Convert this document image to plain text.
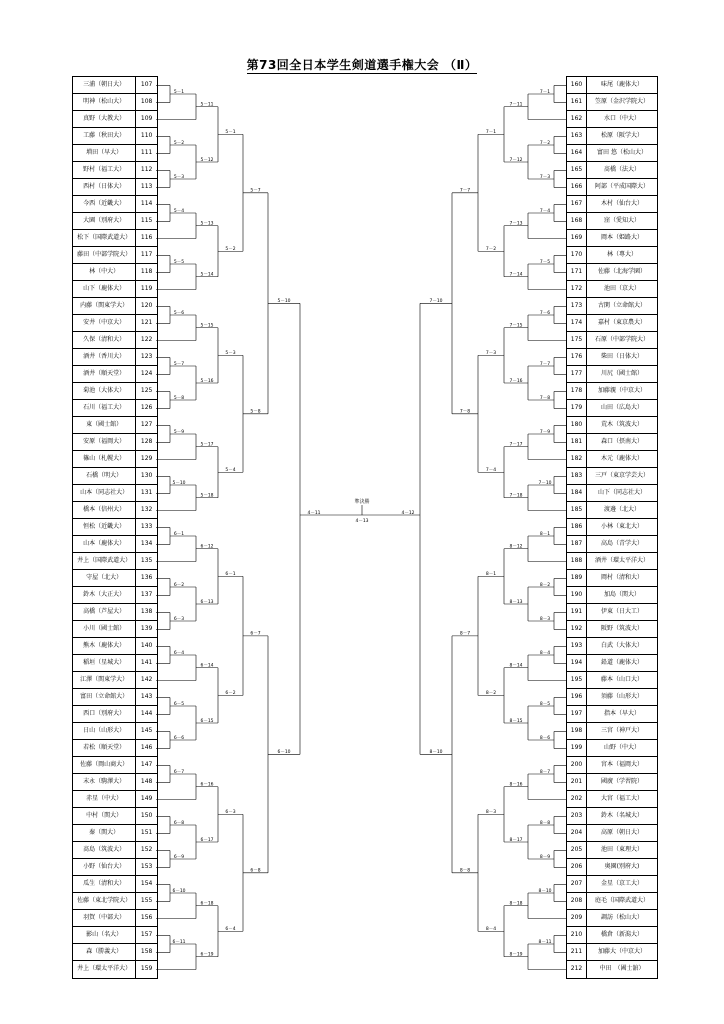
第73回全日本学生剣道選手権大会 （Ⅱ）
三浦（朝日大）	107
明神（松山大）	108
真野（大教大）	109
工藤（秋田大）	110
増田（早大）	111
野村（福工大）	112
西村（日体大）	113
今西（近畿大）	114
大園（別府大）	115
松下（国際武道大）	116
藤田（中部学院大）	117
林（中大）	118
山下（鹿体大）	119
内藤（関東学大）	120
安井（中京大）	121
久保（清和大）	122
酒井（香川大）	123
酒井（順天堂）	124
菊池（大体大）	125
石川（福工大）	126
東（國士館）	127
安原（福岡大）	128
篠山（札幌大）	129
石橋（明大）	130
山本（同志社大）	131
橋本（信州大）	132
恒松（近畿大）	133
山本（鹿体大）	134
井上（国際武道大）	135
守屋（北大）	136
鈴木（大正大）	137
高橋（芦屋大）	138
小川（國士館）	139
熊木（鹿体大）	140
稲垣（星城大）	141
江澤（関東学大）	142
富田（立命館大）	143
西口（別府大）	144
日山（山形大）	145
若松（順天堂）	146
佐藤（岡山商大）	147
末永（駒澤大）	148
赤星（中大）	149
中村（関大）	150
秦（関大）	151
髙島（筑波大）	152
小野（仙台大）	153
瓜生（清和大）	154
佐藤（東北学院大）	155
羽賀（中部大）	156
影山（名大）	157
森（勝義大）	158
井上（環太平洋大）	159
160	味尾（鹿体大）
161	笠原（金沢学院大）
162	水口（中大）
163	松原（阪学大）
164	富田 悠（松山大）
165	髙橋（法大）
166	阿部（平成国際大）
167	木村（仙台大）
168	窪（愛知大）
169	岡本（姫路大）
170	林（專大）
171	佐藤（北海学園）
172	池田（京大）
173	古閑（立命館大）
174	嘉村（東京農大）
175	石原（中部学院大）
176	柴田（日体大）
177	川尻（國士館）
178	加藤親（中京大）
179	山田（広島大）
180	荒木（筑波大）
181	森口（摂南大）
182	木元（鹿体大）
183	三戸（東京学芸大）
184	山下（同志社大）
185	渡邊（北大）
186	小林（東北大）
187	高島（青学大）
188	酒井（環太平洋大）
189	岡村（清和大）
190	加島（関大）
191	伊東（日大工）
192	阪野（筑波大）
193	白武（大体大）
194	鉛道（鹿体大）
195	藤本（山口大）
196	須藤（山形大）
197	指本（早大）
198	三宮（神戸大）
199	山野（中大）
200	宮本（福岡大）
201	國廣（学習院）
202	大宮（福工大）
203	鈴木（名城大）
204	高原（朝日大）
205	池田（東理大）
206	奥園(別府大)
207	金星（京工大）
208	庭毛（国際武道大）
209	調訪（松山大）
210	橋倉（新潟大）
211	加藤大（中京大）
212	中田　（國士舘）
5－1
5－2
5－3
5－11
5－12
5－1
5－4
5－5
5－13
5－14
5－2
5－6
5－7
5－8
5－15
5－16
5－3
5－9
5－10
5－17
5－18
5－4
5－7
5－8
5－10
6－1
6－2
6－3
6－12
6－13
6－1
6－4
6－5
6－6
6－14
6－15
6－2
6－7
6－8
6－9
6－16
6－17
6－3
6－10
6－11
6－18
6－19
6－4
6－7
6－8
6－10
4－11
7－1
7－2
7－3
7－11
7－12
7－1
7－4
7－5
7－13
7－14
7－2
7－6
7－7
7－8
7－15
7－16
7－3
7－9
7－10
7－17
7－18
7－4
7－7
7－8
7－10
8－1
8－2
8－3
8－12
8－13
8－1
8－4
8－5
8－6
8－14
8－15
8－2
8－7
8－8
8－9
8－16
8－17
8－3
8－10
8－11
8－18
8－19
8－4
8－7
8－8
8－10
4－12
準決勝
4－13
